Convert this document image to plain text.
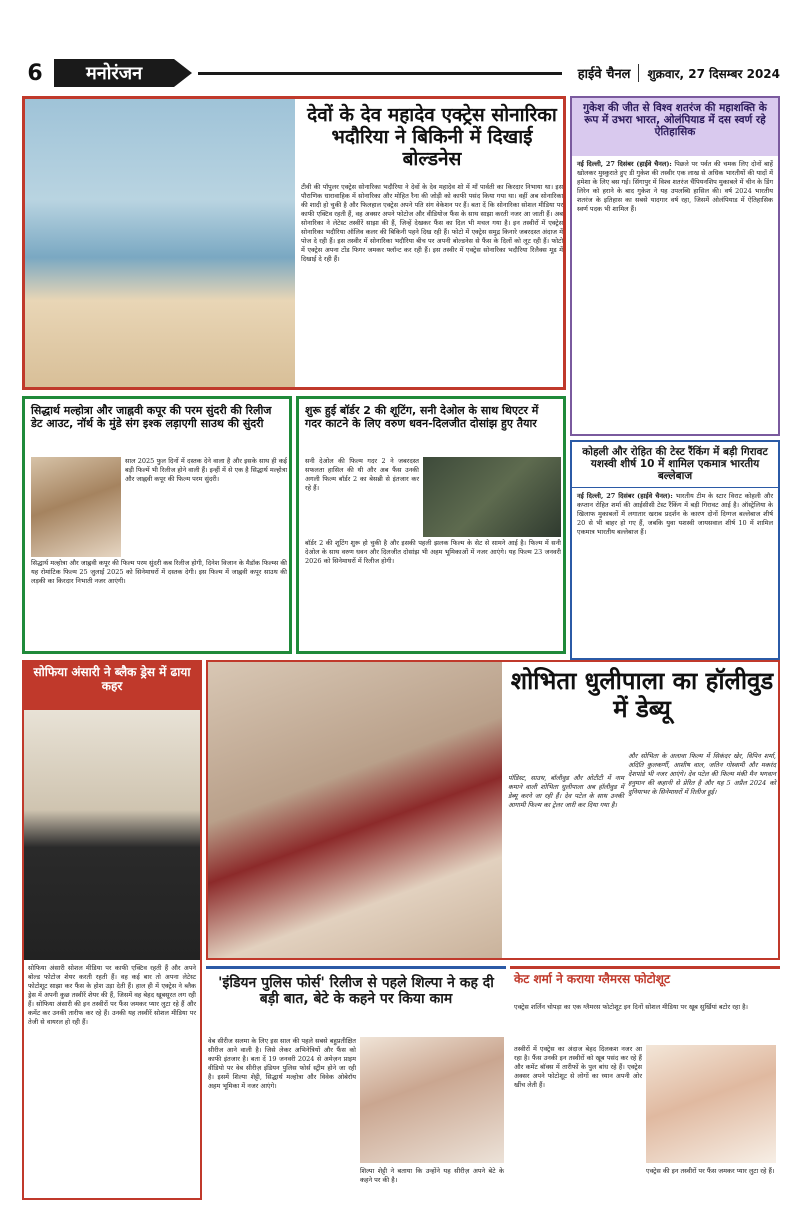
6	मनोरंजन	हाईवे चैनल	शुक्रवार, 27 दिसम्बर 2024
देवों के देव महादेव एक्ट्रेस सोनारिका भदौरिया ने बिकिनी में दिखाई बोल्डनेस

टीवी की पॉपुलर एक्ट्रेस सोनारिका भदौरिया ने देवों के देव महादेव शो में माँ पार्वती का किरदार निभाया था। इस पौराणिक धारावाहिक में सोनारिका और मोहित रैना की जोड़ी को काफी पसंद किया गया था। वहीं अब सोनारिका की शादी हो चुकी है और फिलहाल एक्ट्रेस अपने पति संग वेकेशन पर हैं। बता दें कि सोनारिका सोशल मीडिया पर काफी एक्टिव रहती हैं, वह अक्सर अपने फोटोज और वीडियोज फैंस के साथ साझा करती नजर आ जाती हैं। अब सोनारिका ने लेटेस्ट तस्वीरें साझा की हैं, जिन्हें देखकर फैंस का दिल भी मचल गया है। इन तस्वीरों में एक्ट्रेस सोनारिका भदौरिया ऑलिव कलर की बिकिनी पहने दिख रही हैं। फोटो में एक्ट्रेस समुद्र किनारे जबरदस्त अंदाज में पोज दे रही हैं। इस तस्वीर में सोनारिका भदौरिया बीच पर अपनी बोल्डनेस से फैंस के दिलों को लूट रही हैं। फोटो में एक्ट्रेस अपना टोंड फिगर जमकर फ्लॉन्ट कर रही हैं। इस तस्वीर में एक्ट्रेस सोनारिका भदौरिया रिलैक्स मूड में दिखाई दे रही हैं।

गुकेश की जीत से विश्व शतरंज की महाशक्ति के रूप में उभरा भारत, ओलंपियाड में दस स्वर्ण रहे ऐतिहासिक
नई दिल्ली, 27 दिसंबर (हाईवे चैनल): पिछले पर पर्वत की चमक लिए दोनों बाहें खोलकर मुस्कुराते हुए डी गुकेश की तस्वीर एक लाख से अधिक भारतीयों की यादों में हमेशा के लिए बस गई। सिंगापुर में विश्व शतरंज चैंपियनशिप मुकाबले में चीन के डिंग लिरेन को हराने के बाद गुकेश ने यह उपलब्धि हासिल की। वर्ष 2024 भारतीय शतरंज के इतिहास का सबसे यादगार वर्ष रहा, जिसमें ओलंपियाड में ऐतिहासिक स्वर्ण पदक भी शामिल हैं।
कोहली और रोहित की टेस्ट रैंकिंग में बड़ी गिरावट यशस्वी शीर्ष 10 में शामिल एकमात्र भारतीय बल्लेबाज
नई दिल्ली, 27 दिसंबर (हाईवे चैनल): भारतीय टीम के स्टार विराट कोहली और कप्तान रोहित शर्मा की आईसीसी टेस्ट रैंकिंग में बड़ी गिरावट आई है। ऑस्ट्रेलिया के खिलाफ मुकाबलों में लगातार खराब प्रदर्शन के कारण दोनों दिग्गज बल्लेबाज शीर्ष 20 से भी बाहर हो गए हैं, जबकि युवा यशस्वी जायसवाल शीर्ष 10 में शामिल एकमात्र भारतीय बल्लेबाज हैं।
सिद्धार्थ मल्होत्रा और जाह्नवी कपूर की परम सुंदरी की रिलीज डेट आउट, नॉर्थ के मुंडे संग इश्क लड़ाएगी साउथ की सुंदरी

साल 2025 फुल दिनों में दस्तक देने वाला है और इसके साथ ही कई बड़ी फिल्में भी रिलीज होने वाली हैं। इन्हीं में से एक है सिद्धार्थ मल्होत्रा और जाह्नवी कपूर की फिल्म परम सुंदरी।

सिद्धार्थ मल्होत्रा और जाह्नवी कपूर की फिल्म परम सुंदरी कब रिलीज होगी, दिनेश विजान के मैडॉक फिल्म्स की यह रोमांटिक फिल्म 25 जुलाई 2025 को सिनेमाघरों में दस्तक देगी। इस फिल्म में जाह्नवी कपूर साउथ की लड़की का किरदार निभाती नजर आएंगी।

शुरू हुई बॉर्डर 2 की शूटिंग, सनी देओल के साथ थिएटर में गदर काटने के लिए वरुण धवन-दिलजीत दोसांझ हुए तैयार

सनी देओल की फिल्म गदर 2 ने जबरदस्त सफलता हासिल की थी और अब फैंस उनकी अगली फिल्म बॉर्डर 2 का बेसब्री से इंतजार कर रहे हैं।

बॉर्डर 2 की शूटिंग शुरू हो चुकी है और इसकी पहली झलक फिल्म के सेट से सामने आई है। फिल्म में सनी देओल के साथ वरुण धवन और दिलजीत दोसांझ भी अहम भूमिकाओं में नजर आएंगे। यह फिल्म 23 जनवरी 2026 को सिनेमाघरों में रिलीज होगी।

सोफिया अंसारी ने ब्लैक ड्रेस में ढाया कहर

सोफिया अंसारी सोशल मीडिया पर काफी एक्टिव रहती हैं और अपने बोल्ड फोटोज शेयर करती रहती हैं। वह कई बार तो अपना लेटेस्ट फोटोशूट साझा कर फैंस के होश उड़ा देती हैं। हाल ही में एक्ट्रेस ने ब्लैक ड्रेस में अपनी कुछ तस्वीरें शेयर की हैं, जिसमें वह बेहद खूबसूरत लग रही हैं। सोफिया अंसारी की इन तस्वीरों पर फैंस जमकर प्यार लुटा रहे हैं और कमेंट कर उनकी तारीफ कर रहे हैं। उनकी यह तस्वीरें सोशल मीडिया पर तेजी से वायरल हो रही हैं।

शोभिता धुलीपाला का हॉलीवुड में डेब्यू

पॉडिस्ट, साउथ, बॉलीवुड और ओटीटी में नाम कमाने वाली शोभिता धुलीपाला अब हॉलीवुड में डेब्यू करने जा रही हैं। देव पटेल के साथ उनकी आगामी फिल्म का ट्रेलर जारी कर दिया गया है।

और सोभिता के अलावा फिल्म में सिकंदर खेर, विपिन शर्मा, अदिति कुलकर्णी, आशीष वाल, जतिन गोस्वामी और मकरंद देशपांडे भी नजर आएंगे। देव पटेल की फिल्म मंकी मैन भगवान हनुमान की कहानी से प्रेरित है और यह 5 अप्रैल 2024 को दुनियाभर के सिनेमाघरों में रिलीज हुई।

'इंडियन पुलिस फोर्स' रिलीज से पहले शिल्पा ने कह दी बड़ी बात, बेटे के कहने पर किया काम

वेब सीरीज सलमा के लिए इस साल की पहले सबसे बहुप्रतीक्षित सीरीज आने वाली है। जिसे लेकर अभिनेत्रियों और फैंस को काफी इंतजार है। बता दें 19 जनवरी 2024 से अमेज़न प्राइम वीडियो पर वेब सीरीज़ इंडियन पुलिस फोर्स स्ट्रीम होने जा रही है। इसमें शिल्पा शेट्टी, सिद्धार्थ मल्होत्रा और विवेक ओबेरॉय अहम भूमिका में नजर आएंगे।

शिल्पा शेट्टी ने बताया कि उन्होंने यह सीरीज़ अपने बेटे के कहने पर की है।

केट शर्मा ने कराया ग्लैमरस फोटोशूट

एक्ट्रेस शर्लिन चोपड़ा का एक ग्लैमरस फोटोशूट इन दिनों सोशल मीडिया पर खूब सुर्खियां बटोर रहा है।

तस्वीरों में एक्ट्रेस का अंदाज बेहद दिलकश नजर आ रहा है। फैंस उनकी इन तस्वीरों को खूब पसंद कर रहे हैं और कमेंट बॉक्स में तारीफों के पुल बांध रहे हैं। एक्ट्रेस अक्सर अपने फोटोशूट से लोगों का ध्यान अपनी ओर खींच लेती हैं।

एक्ट्रेस की इन तस्वीरों पर फैंस जमकर प्यार लुटा रहे हैं।
